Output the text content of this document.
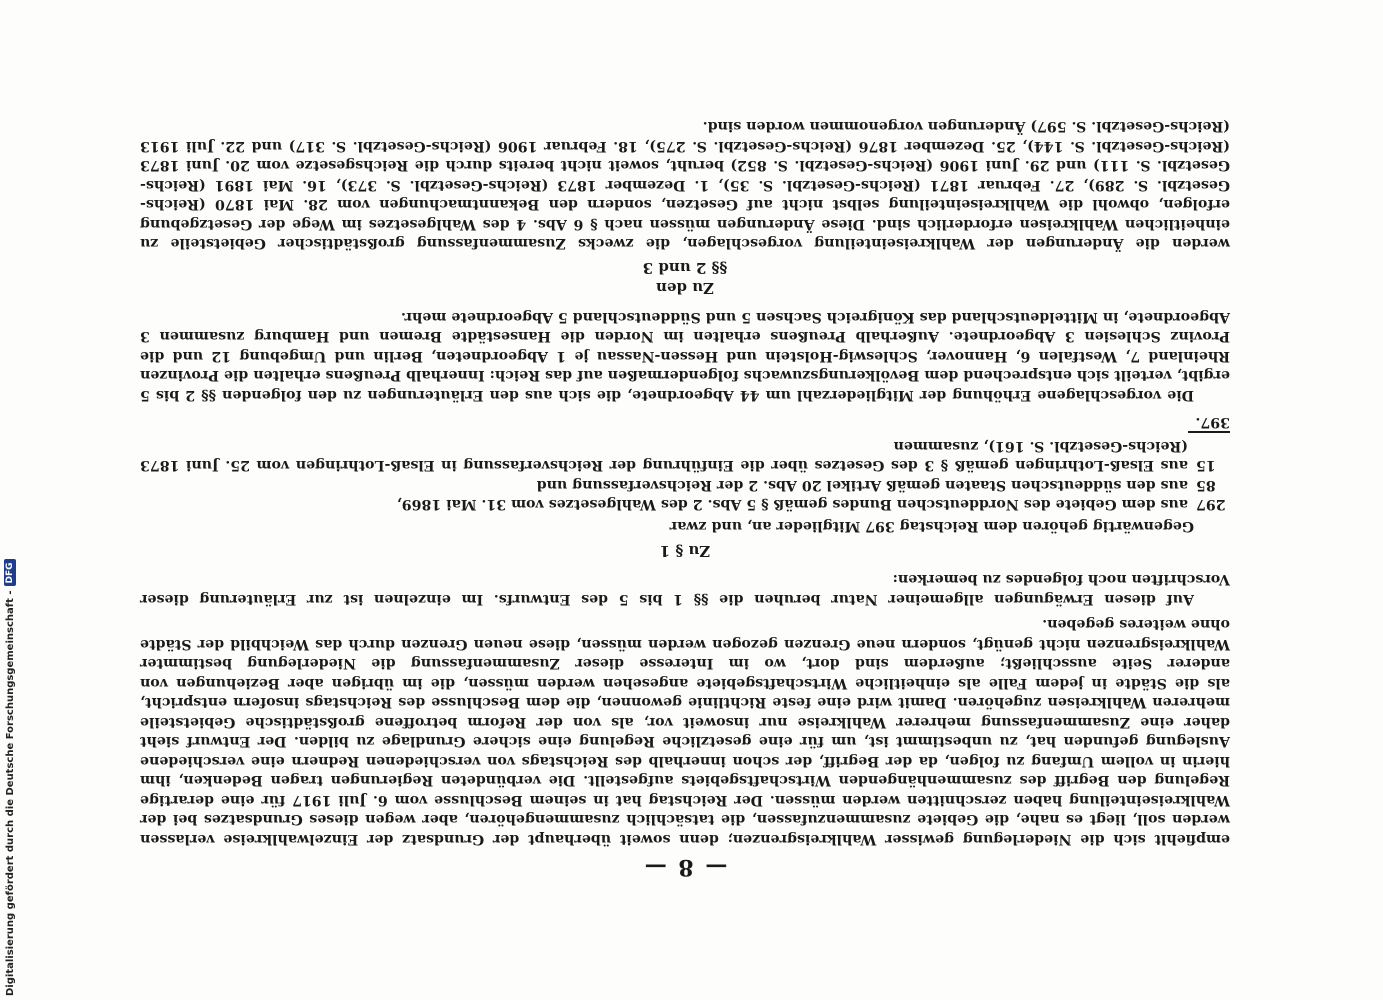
— 8 —

empfiehlt sich die Niederlegung gewisser Wahlkreisgrenzen; denn soweit überhaupt der Grundsatz der Einzelwahlkreise verlassen werden soll, liegt es nahe, die Gebiete zusammenzufassen, die tatsächlich zusammengehören, aber wegen dieses Grundsatzes bei der Wahlkreiseinteilung haben zerschnitten werden müssen. Der Reichstag hat in seinem Beschlusse vom 6. Juli 1917 für eine derartige Regelung den Begriff des zusammenhängenden Wirtschaftsgebiets aufgestellt. Die verbündeten Regierungen tragen Bedenken, ihm hierin in vollem Umfang zu folgen, da der Begriff, der schon innerhalb des Reichstags von verschiedenen Rednern eine verschiedene Auslegung gefunden hat, zu unbestimmt ist, um für eine gesetzliche Regelung eine sichere Grundlage zu bilden. Der Entwurf sieht daher eine Zusammenfassung mehrerer Wahlkreise nur insoweit vor, als von der Reform betroffene großstädtische Gebietsteile mehreren Wahlkreisen zugehören. Damit wird eine feste Richtlinie gewonnen, die dem Beschlusse des Reichstags insofern entspricht, als die Städte in jedem Falle als einheitliche Wirtschaftsgebiete angesehen werden müssen, die im übrigen aber Beziehungen von anderer Seite ausschließt; außerdem sind dort, wo im Interesse dieser Zusammenfassung die Niederlegung bestimmter Wahlkreisgrenzen nicht genügt, sondern neue Grenzen gezogen werden müssen, diese neuen Grenzen durch das Weichbild der Städte ohne weiteres gegeben.

Auf diesen Erwägungen allgemeiner Natur beruhen die §§ 1 bis 5 des Entwurfs. Im einzelnen ist zur Erläuterung dieser Vorschriften noch folgendes zu bemerken:

Zu § 1

Gegenwärtig gehören dem Reichstag 397 Mitglieder an, und zwar

297
aus dem Gebiete des Norddeutschen Bundes gemäß § 5 Abs. 2 des Wahlgesetzes vom 31. Mai 1869,
85
aus den süddeutschen Staaten gemäß Artikel 20 Abs. 2 der Reichsverfassung und
15
aus Elsaß-Lothringen gemäß § 3 des Gesetzes über die Einführung der Reichsverfassung in Elsaß-Lothringen vom 25. Juni 1873 (Reichs-Gesetzbl. S. 161), zusammen
397.

Die vorgeschlagene Erhöhung der Mitgliederzahl um 44 Abgeordnete, die sich aus den Erläuterungen zu den folgenden §§ 2 bis 5 ergibt, verteilt sich entsprechend dem Bevölkerungszuwachs folgendermaßen auf das Reich: Innerhalb Preußens erhalten die Provinzen Rheinland 7, Westfalen 6, Hannover, Schleswig-Holstein und Hessen-Nassau je 1 Abgeordneten, Berlin und Umgebung 12 und die Provinz Schlesien 3 Abgeordnete. Außerhalb Preußens erhalten im Norden die Hansestädte Bremen und Hamburg zusammen 3 Abgeordnete, in Mitteldeutschland das Königreich Sachsen 5 und Süddeutschland 5 Abgeordnete mehr.

Zu den
§§ 2 und 3

werden die Änderungen der Wahlkreiseinteilung vorgeschlagen, die zwecks Zusammenfassung großstädtischer Gebietsteile zu einheitlichen Wahlkreisen erforderlich sind. Diese Änderungen müssen nach § 6 Abs. 4 des Wahlgesetzes im Wege der Gesetzgebung erfolgen, obwohl die Wahlkreiseinteilung selbst nicht auf Gesetzen, sondern den Bekanntmachungen vom 28. Mai 1870 (Reichs-Gesetzbl. S. 289), 27. Februar 1871 (Reichs-Gesetzbl. S. 35), 1. Dezember 1873 (Reichs-Gesetzbl. S. 373), 16. Mai 1891 (Reichs-Gesetzbl. S. 111) und 29. Juni 1906 (Reichs-Gesetzbl. S. 852) beruht, soweit nicht bereits durch die Reichsgesetze vom 20. Juni 1873 (Reichs-Gesetzbl. S. 144), 25. Dezember 1876 (Reichs-Gesetzbl. S. 275), 18. Februar 1906 (Reichs-Gesetzbl. S. 317) und 22. Juli 1913 (Reichs-Gesetzbl. S. 597) Änderungen vorgenommen worden sind.

Digitalisierung gefördert durch die Deutsche Forschungsgemeinschaft -
DFG
